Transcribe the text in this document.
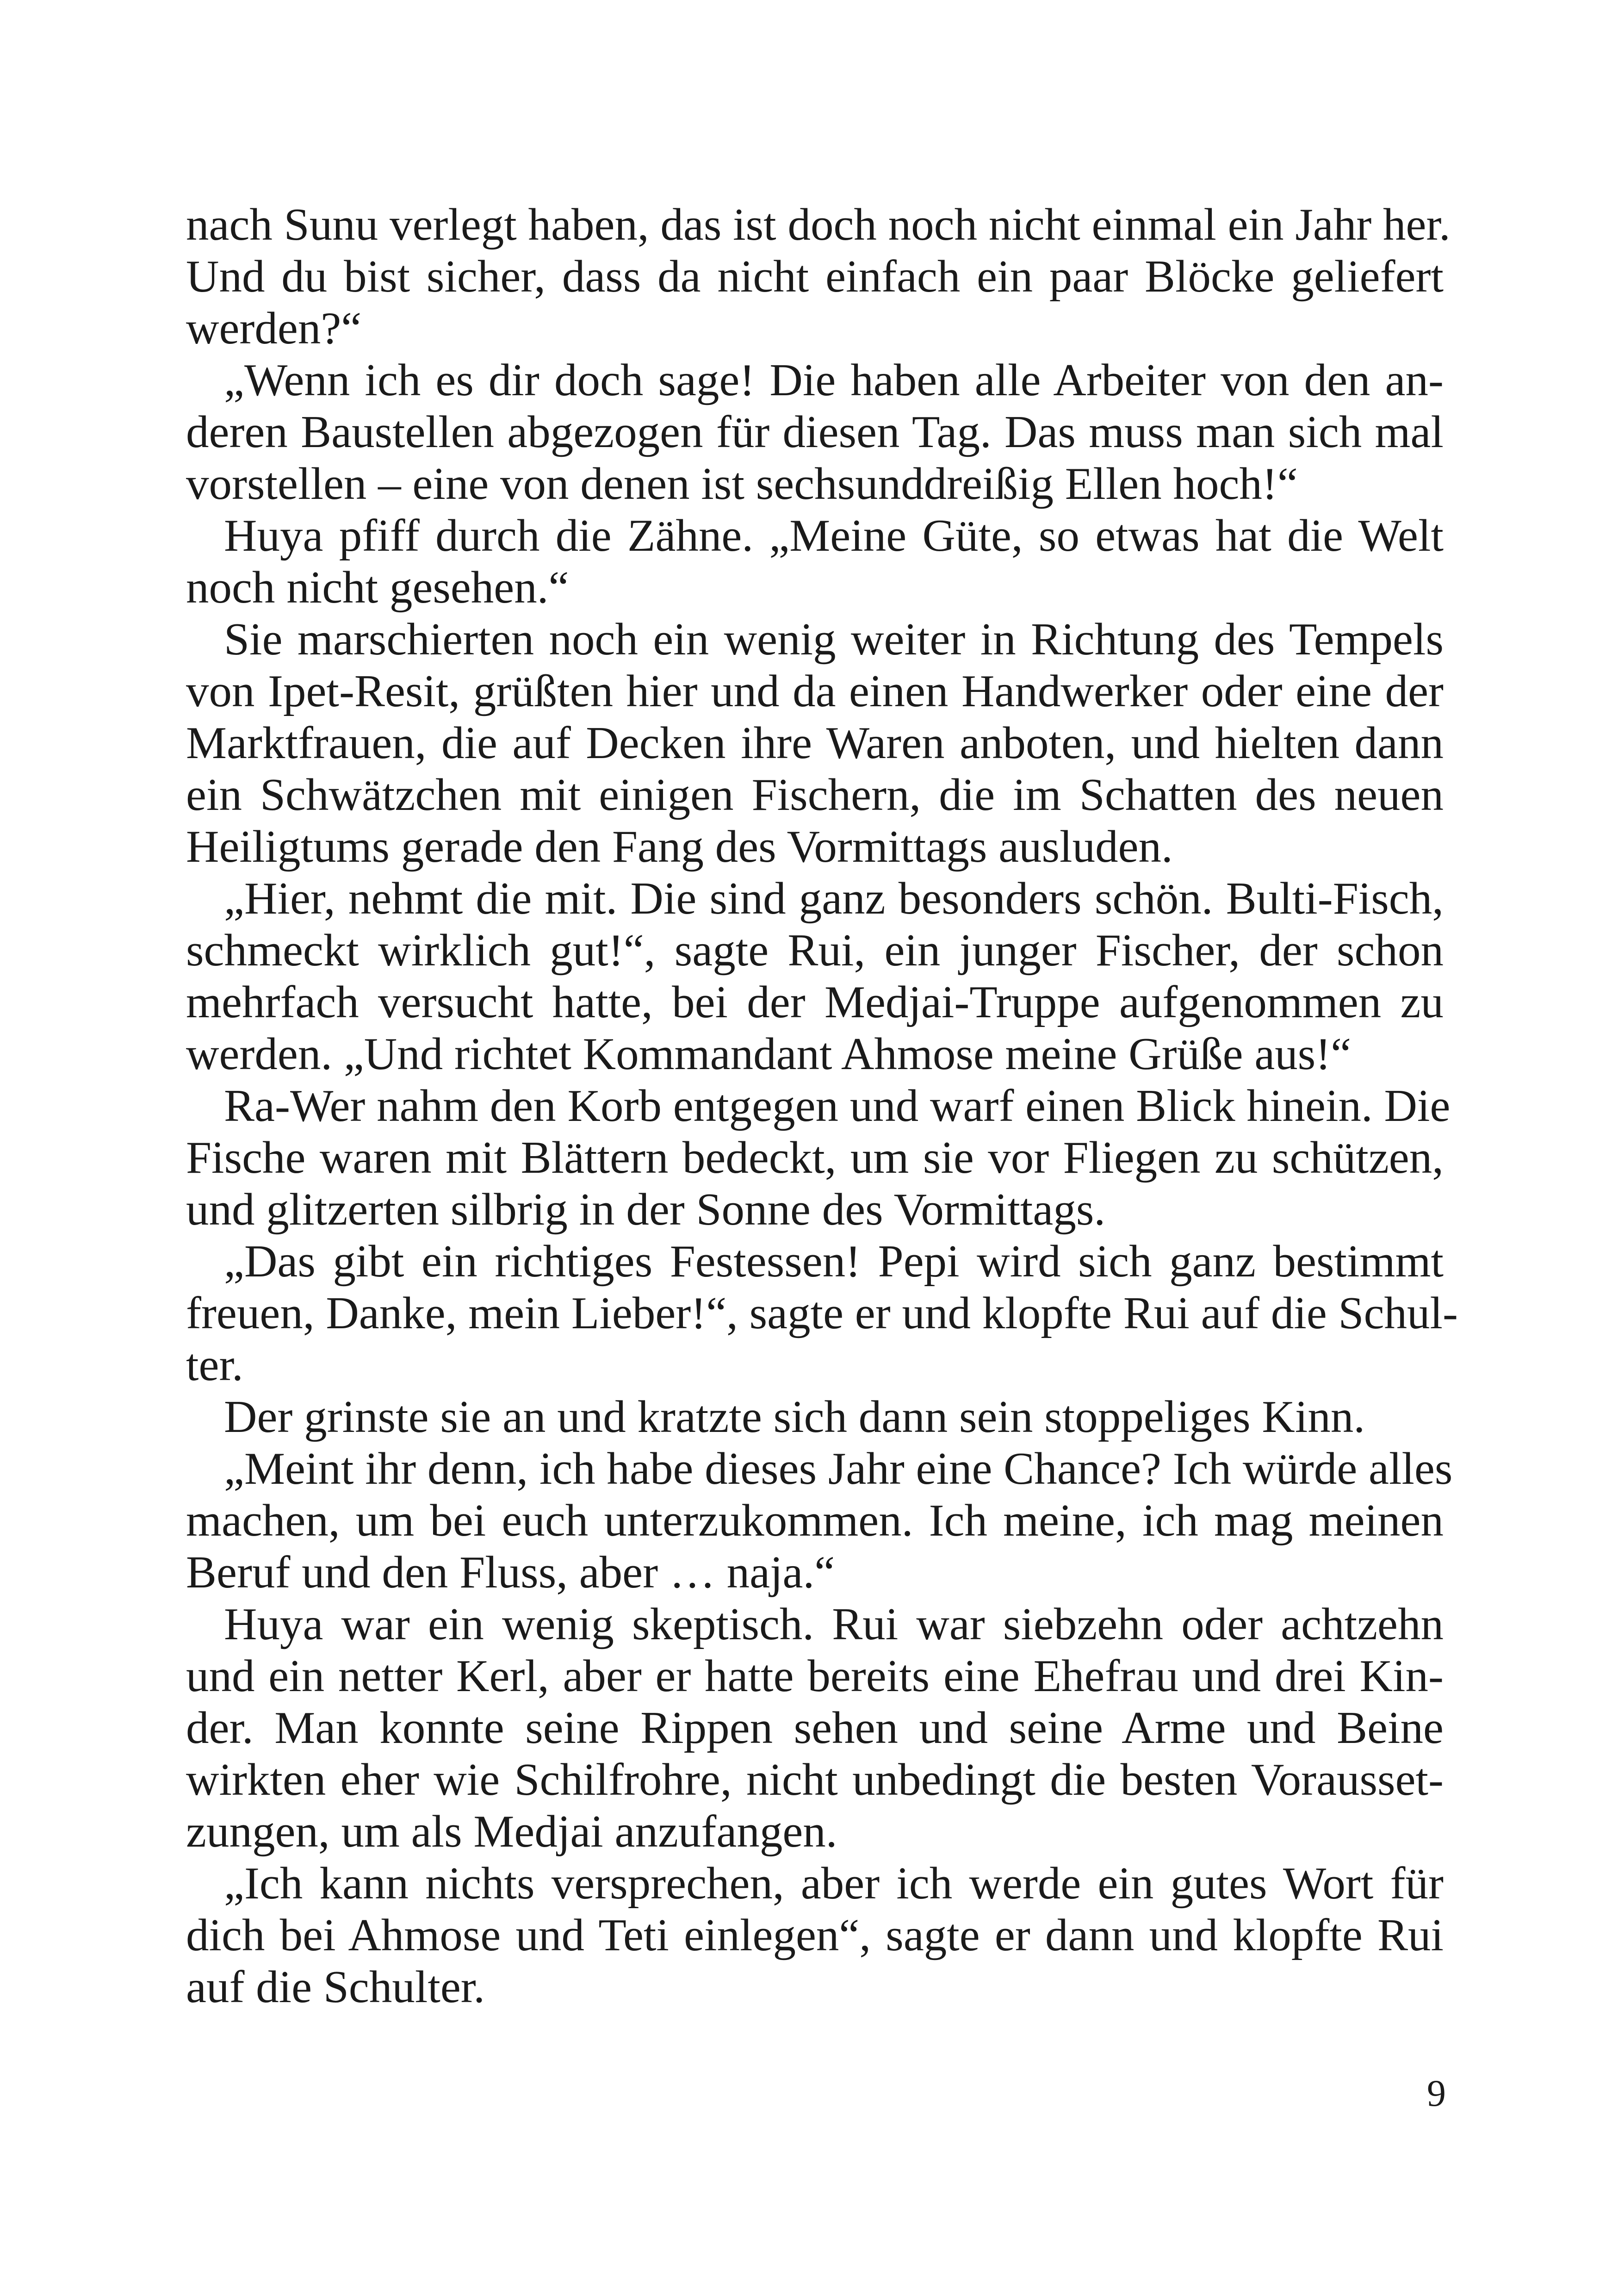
nach Sunu verlegt haben, das ist doch noch nicht einmal ein Jahr her.
Und du bist sicher, dass da nicht einfach ein paar Blöcke geliefert
werden?“

„Wenn ich es dir doch sage! Die haben alle Arbeiter von den an-
deren Baustellen abgezogen für diesen Tag. Das muss man sich mal
vorstellen – eine von denen ist sechsunddreißig Ellen hoch!“

Huya pfiff durch die Zähne. „Meine Güte, so etwas hat die Welt
noch nicht gesehen.“

Sie marschierten noch ein wenig weiter in Richtung des Tempels
von Ipet-Resit, grüßten hier und da einen Handwerker oder eine der
Marktfrauen, die auf Decken ihre Waren anboten, und hielten dann
ein Schwätzchen mit einigen Fischern, die im Schatten des neuen
Heiligtums gerade den Fang des Vormittags ausluden.

„Hier, nehmt die mit. Die sind ganz besonders schön. Bulti-Fisch,
schmeckt wirklich gut!“, sagte Rui, ein junger Fischer, der schon
mehrfach versucht hatte, bei der Medjai-Truppe aufgenommen zu
werden. „Und richtet Kommandant Ahmose meine Grüße aus!“

Ra-Wer nahm den Korb entgegen und warf einen Blick hinein. Die
Fische waren mit Blättern bedeckt, um sie vor Fliegen zu schützen,
und glitzerten silbrig in der Sonne des Vormittags.

„Das gibt ein richtiges Festessen! Pepi wird sich ganz bestimmt
freuen, Danke, mein Lieber!“, sagte er und klopfte Rui auf die Schul-
ter.

Der grinste sie an und kratzte sich dann sein stoppeliges Kinn.

„Meint ihr denn, ich habe dieses Jahr eine Chance? Ich würde alles
machen, um bei euch unterzukommen. Ich meine, ich mag meinen
Beruf und den Fluss, aber … naja.“

Huya war ein wenig skeptisch. Rui war siebzehn oder achtzehn
und ein netter Kerl, aber er hatte bereits eine Ehefrau und drei Kin-
der. Man konnte seine Rippen sehen und seine Arme und Beine
wirkten eher wie Schilfrohre, nicht unbedingt die besten Vorausset-
zungen, um als Medjai anzufangen.

„Ich kann nichts versprechen, aber ich werde ein gutes Wort für
dich bei Ahmose und Teti einlegen“, sagte er dann und klopfte Rui
auf die Schulter.

9
